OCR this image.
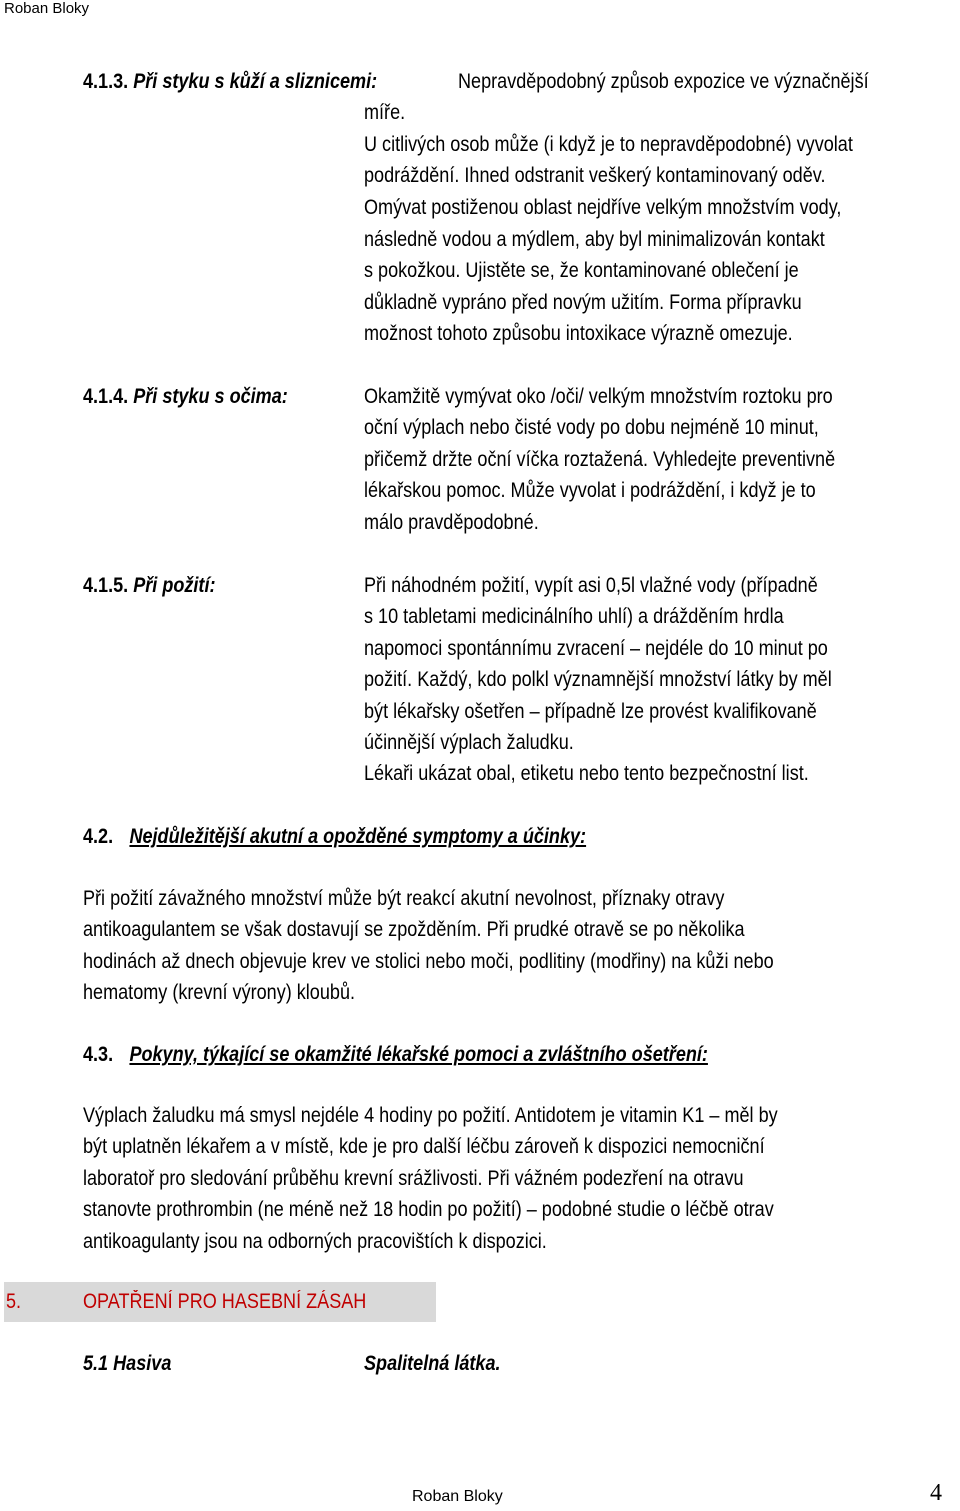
Roban Bloky
4.1.3. Při styku s kůží a sliznicemi:	Nepravděpodobný způsob expozice ve význačnější
míře.
U citlivých osob může (i když je to nepravděpodobné) vyvolat
podráždění. Ihned odstranit veškerý kontaminovaný oděv.
Omývat postiženou oblast nejdříve velkým množstvím vody,
následně vodou a mýdlem, aby byl minimalizován kontakt
s pokožkou. Ujistěte se, že kontaminované oblečení je
důkladně vypráno před novým užitím. Forma přípravku
možnost tohoto způsobu intoxikace výrazně omezuje.
4.1.4. Při styku s očima:	Okamžitě vymývat oko /oči/ velkým množstvím roztoku pro
oční výplach nebo čisté vody po dobu nejméně 10 minut,
přičemž držte oční víčka roztažená. Vyhledejte preventivně
lékařskou pomoc. Může vyvolat i podráždění, i když je to
málo pravděpodobné.
4.1.5. Při požití:	Při náhodném požití, vypít asi 0,5l vlažné vody (případně
s 10 tabletami medicinálního uhlí) a drážděním hrdla
napomoci spontánnímu zvracení – nejdéle do 10 minut po
požití. Každý, kdo polkl významnější množství látky by měl
být lékařsky ošetřen – případně lze provést kvalifikovaně
účinnější výplach žaludku.
Lékaři ukázat obal, etiketu nebo tento bezpečnostní list.
4.2. Nejdůležitější akutní a opožděné symptomy a účinky:
Při požití závažného množství může být reakcí akutní nevolnost, příznaky otravy
antikoagulantem se však dostavují se zpožděním. Při prudké otravě se po několika
hodinách až dnech objevuje krev ve stolici nebo moči, podlitiny (modřiny) na kůži nebo
hematomy (krevní výrony) kloubů.
4.3. Pokyny, týkající se okamžité lékařské pomoci a zvláštního ošetření:
Výplach žaludku má smysl nejdéle 4 hodiny po požití. Antidotem je vitamin K1 – měl by
být uplatněn lékařem a v místě, kde je pro další léčbu zároveň k dispozici nemocniční
laboratoř pro sledování průběhu krevní srážlivosti. Při vážném podezření na otravu
stanovte prothrombin (ne méně než 18 hodin po požití) – podobné studie o léčbě otrav
antikoagulanty jsou na odborných pracovištích k dispozici.
5.	OPATŘENÍ PRO HASEBNÍ ZÁSAH
5.1 Hasiva	Spalitelná látka.
Roban Bloky	4
